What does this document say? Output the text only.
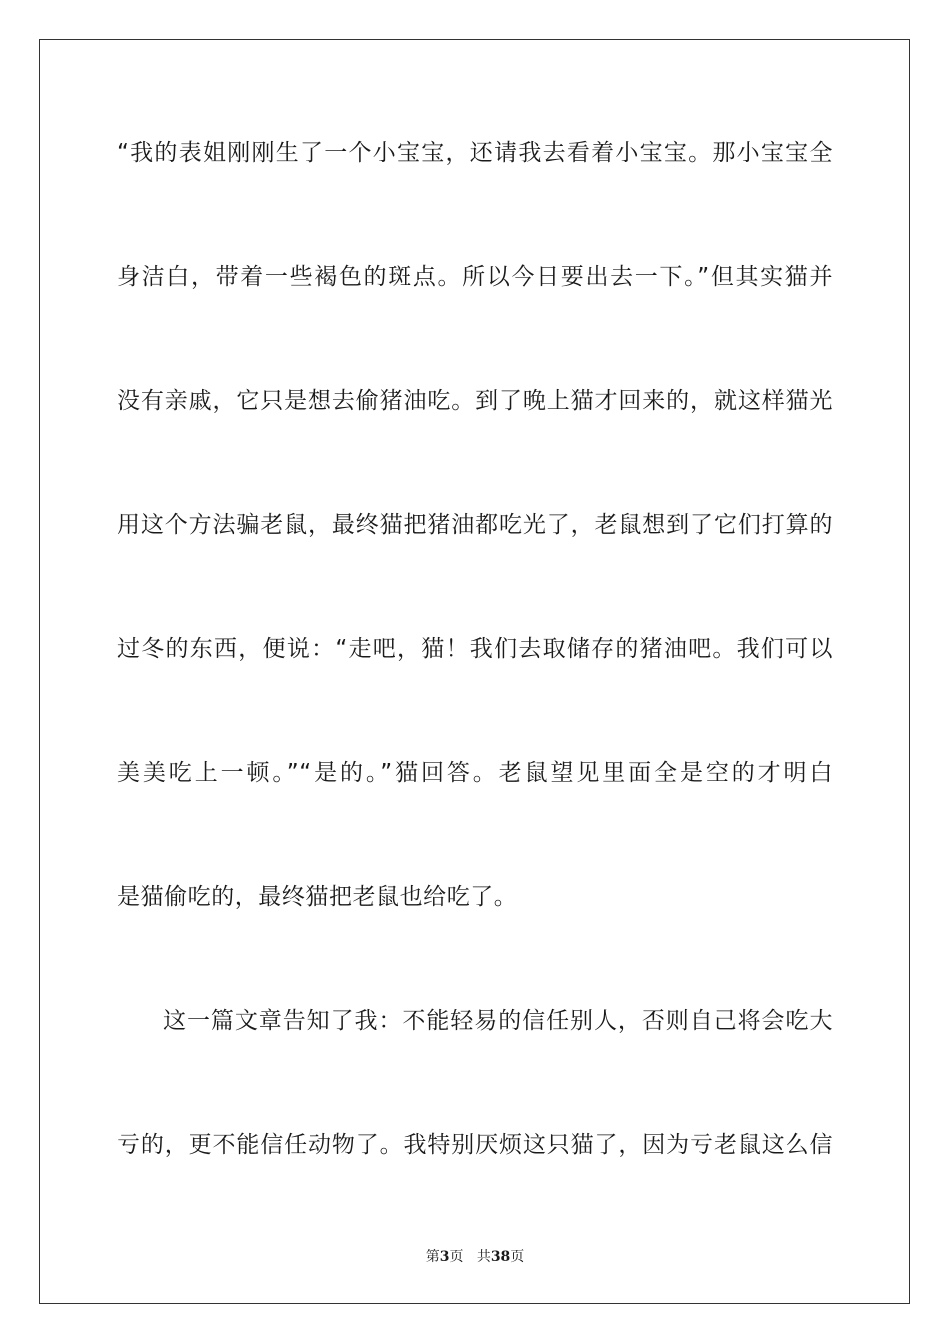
“我的表姐刚刚生了一个小宝宝，还请我去看着小宝宝。那小宝宝全
身洁白，带着一些褐色的斑点。所以今日要出去一下。”但其实猫并
没有亲戚，它只是想去偷猪油吃。到了晚上猫才回来的，就这样猫光
用这个方法骗老鼠，最终猫把猪油都吃光了，老鼠想到了它们打算的
过冬的东西，便说：“走吧，猫！我们去取储存的猪油吧。我们可以
美美吃上一顿。”“是的。”猫回答。老鼠望见里面全是空的才明白
是猫偷吃的，最终猫把老鼠也给吃了。
这一篇文章告知了我：不能轻易的信任别人，否则自己将会吃大
亏的，更不能信任动物了。我特别厌烦这只猫了，因为亏老鼠这么信
第3页 共38页
